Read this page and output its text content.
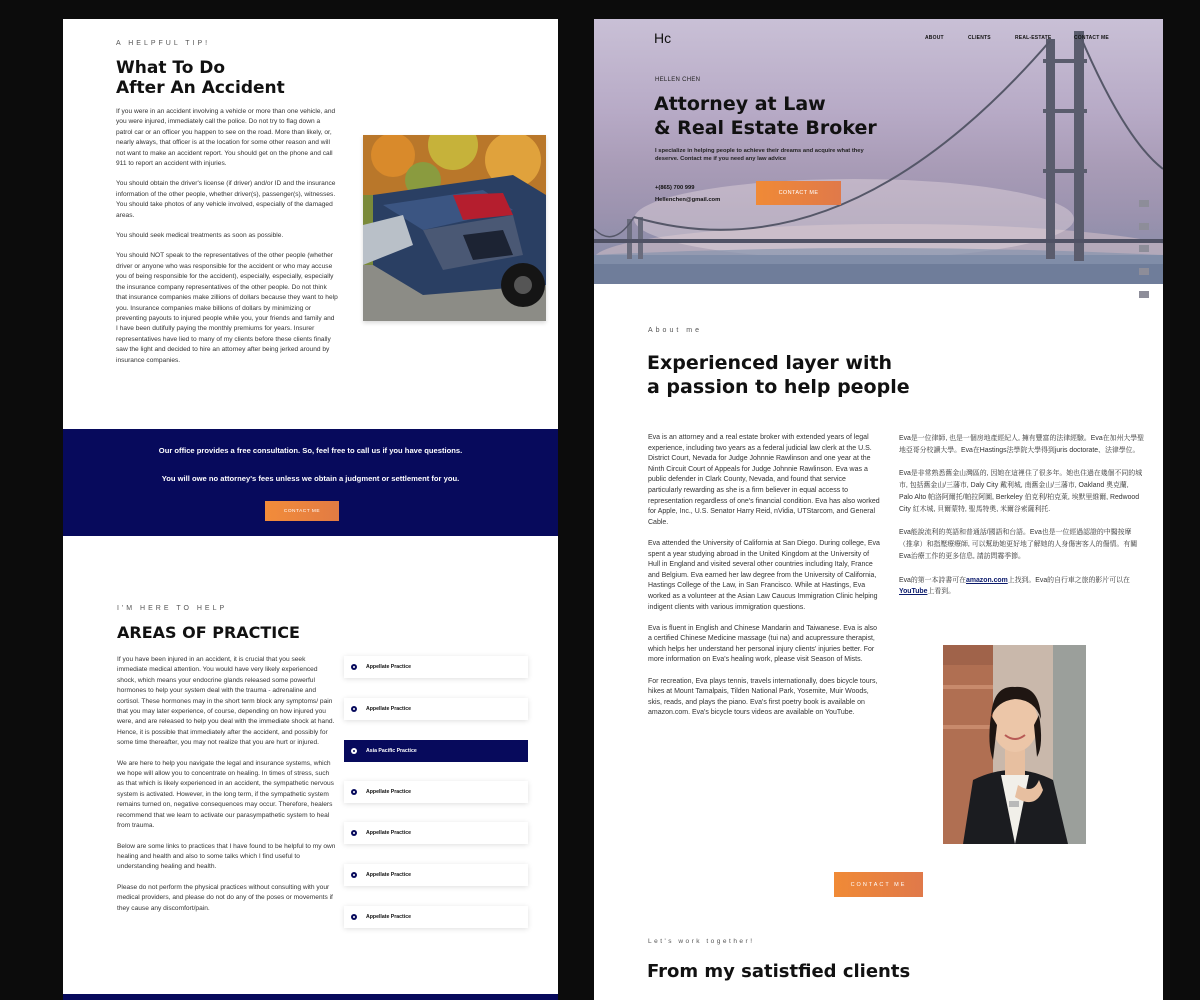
A HELPFUL TIP!
What To Do
After An Accident

If you were in an accident involving a vehicle or more than one vehicle, and you were injured, immediately call the police. Do not try to flag down a patrol car or an officer you happen to see on the road. More than likely, or, nearly always, that officer is at the location for some other reason and will not want to make an accident report. You should get on the phone and call 911 to report an accident with injuries.

You should obtain the driver's license (if driver) and/or ID and the insurance information of the other people, whether driver(s), passenger(s), witnesses. You should take photos of any vehicle involved, especially of the damaged areas.

You should seek medical treatments as soon as possible.

You should NOT speak to the representatives of the other people (whether driver or anyone who was responsible for the accident or who may accuse you of being responsible for the accident), especially, especially, especially the insurance company representatives of the other people. Do not think that insurance companies make zillions of dollars because they want to help you. Insurance companies make billions of dollars by minimizing or preventing payouts to injured people while you, your friends and family and I have been dutifully paying the monthly premiums for years. Insurer representatives have lied to many of my clients before these clients finally saw the light and decided to hire an attorney after being jerked around by insurance companies.

Our office provides a free consultation. So, feel free to call us if you have questions.
You will owe no attorney's fees unless we obtain a judgment or settlement for you.
CONTACT ME
I'M HERE TO HELP
AREAS OF PRACTICE

If you have been injured in an accident, it is crucial that you seek immediate medical attention. You would have very likely experienced shock, which means your endocrine glands released some powerful hormones to help your system deal with the trauma - adrenaline and cortisol. These hormones may in the short term block any symptoms/ pain that you may later experience, of course, depending on how injured you were, and are released to help you deal with the immediate shock at hand. Hence, it is possible that immediately after the accident, and possibly for some time thereafter, you may not realize that you are hurt or injured.

We are here to help you navigate the legal and insurance systems, which we hope will allow you to concentrate on healing. In times of stress, such as that which is likely experienced in an accident, the sympathetic nervous system is activated. However, in the long term, if the sympathetic system remains turned on, negative consequences may occur. Therefore, healers recommend that we learn to activate our parasympathetic system to heal from trauma.

Below are some links to practices that I have found to be helpful to my own healing and health and also to some talks which I find useful to understanding healing and health.

Please do not perform the physical practices without consulting with your medical providers, and please do not do any of the poses or movements if they cause any discomfort/pain.

Appellate Practice
Appellate Practice
Asia Pacific Practice
Appellate Practice
Appellate Practice
Appellate Practice
Appellate Practice
Hc	ABOUT	CLIENTS	REAL-ESTATE	CONTACT ME
HELLEN CHEN
Attorney at Law
& Real Estate Broker
I specialize in helping people to achieve their dreams and acquire what they deserve. Contact me if you need any law advice
+(865) 700 999
Hellenchen@gmail.com
CONTACT ME
About me
Experienced layer with
a passion to help people

Eva is an attorney and a real estate broker with extended years of legal experience, including two years as a federal judicial law clerk at the U.S. District Court, Nevada for Judge Johnnie Rawlinson and one year at the Ninth Circuit Court of Appeals for Judge Johnnie Rawlinson. Eva was a public defender in Clark County, Nevada, and found that service particularly rewarding as she is a firm believer in equal access to representation regardless of one's financial condition. Eva has also worked for Apple, Inc., U.S. Senator Harry Reid, nVidia, UTStarcom, and General Cable.

Eva attended the University of California at San Diego. During college, Eva spent a year studying abroad in the United Kingdom at the University of Hull in England and visited several other countries including Italy, France and Belgium. Eva earned her law degree from the University of California, Hastings College of the Law, in San Francisco. While at Hastings, Eva worked as a volunteer at the Asian Law Caucus Immigration Clinic helping indigent clients with various immigration questions.

Eva is fluent in English and Chinese Mandarin and Taiwanese. Eva is also a certified Chinese Medicine massage (tui na) and acupressure therapist, which helps her understand her personal injury clients' injuries better. For more information on Eva's healing work, please visit Season of Mists.

For recreation, Eva plays tennis, travels internationally, does bicycle tours, hikes at Mount Tamalpais, Tilden National Park, Yosemite, Muir Woods, skis, reads, and plays the piano. Eva's first poetry book is available on amazon.com. Eva's bicycle tours videos are available on YouTube.

Eva是一位律師, 也是一個房地產經紀人, 擁有豐富的法律經驗。Eva在加州大學聖地亞哥分校讀大學。Eva在Hastings法學院大學得到juris doctorate、法律學位。

Eva是非常熟悉舊金山灣區的, 因她在這裡住了很多年。她也住過在幾個不同的城市, 包括舊金山/三藩市, Daly City 戴利城, 南舊金山/三藩市, Oakland 奧克蘭, Palo Alto 帕洛阿爾托/帕拉阿圖, Berkeley 伯克利/柏克萊, 埃默里維爾, Redwood City 紅木城, 貝爾蒙特, 聖馬特奧, 米爾谷索薩利托.

Eva能說流利的英語和普通話/國語和台語。Eva也是一位經過認證的中醫按摩（推拿）和指壓療療師, 可以幫助她更好地了解她的人身傷害客人的傷情。有關Eva治療工作的更多信息, 請訪問霧季節。

Eva的第一本詩書可在amazon.com上找到。Eva的自行車之旅的影片可以在YouTube上看到。

CONTACT ME
Let's work together!
From my satistfied clients
